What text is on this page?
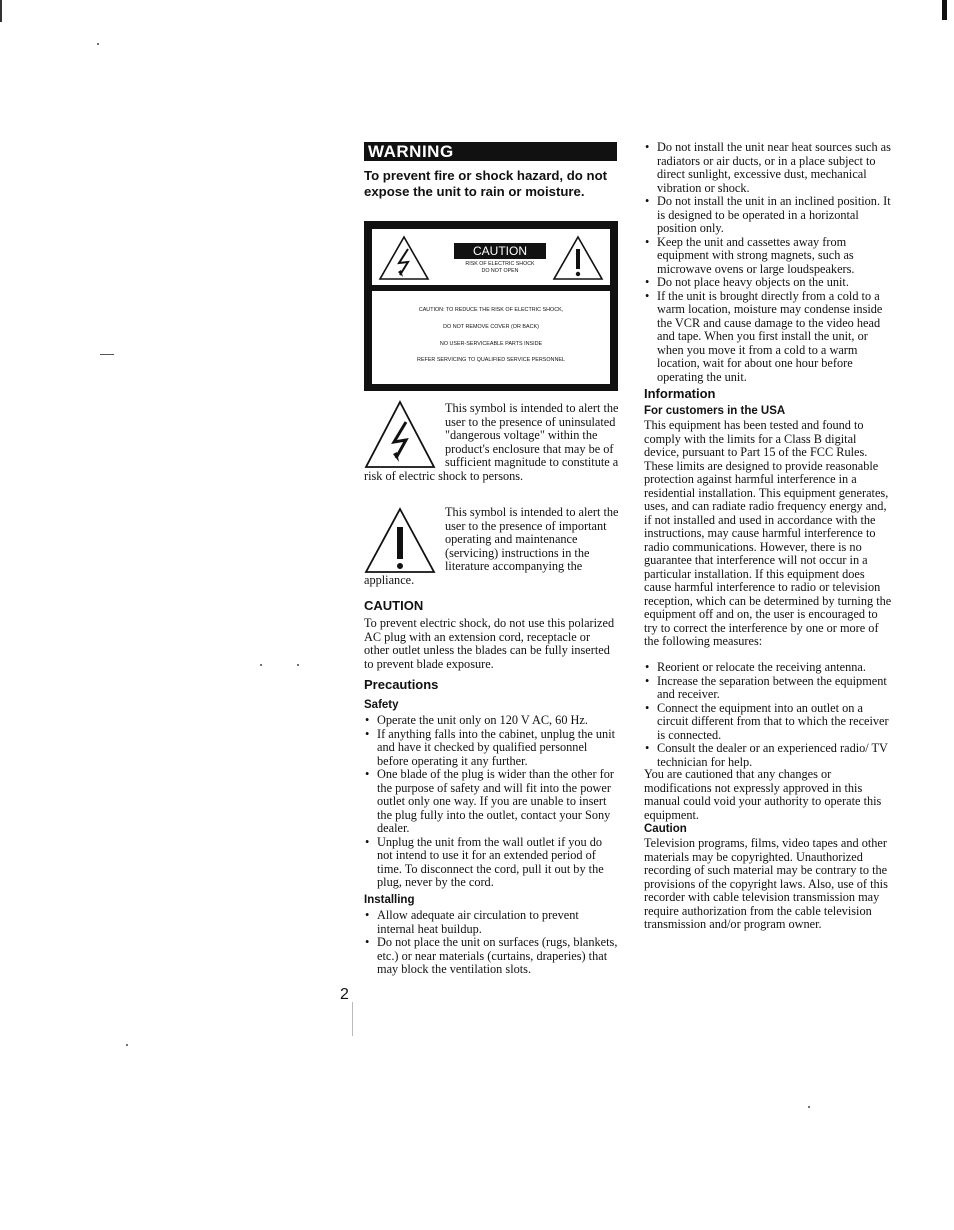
WARNING
To prevent fire or shock hazard, do not expose the unit to rain or moisture.
CAUTION
RISK OF ELECTRIC SHOCK
DO NOT OPEN
CAUTION: TO REDUCE THE RISK OF ELECTRIC SHOCK,
DO NOT REMOVE COVER (OR BACK)
NO USER-SERVICEABLE PARTS INSIDE
REFER SERVICING TO QUALIFIED SERVICE PERSONNEL
This symbol is intended to alert the user to the presence of uninsulated "dangerous voltage" within the product's enclosure that may be of sufficient magnitude to constitute a risk of electric shock to persons.
This symbol is intended to alert the user to the presence of important operating and maintenance (servicing) instructions in the literature accompanying the appliance.
CAUTION
To prevent electric shock, do not use this polarized AC plug with an extension cord, receptacle or other outlet unless the blades can be fully inserted to prevent blade exposure.
Precautions
Safety
• Operate the unit only on 120 V AC, 60 Hz.
• If anything falls into the cabinet, unplug the unit and have it checked by qualified personnel before operating it any further.
• One blade of the plug is wider than the other for the purpose of safety and will fit into the power outlet only one way. If you are unable to insert the plug fully into the outlet, contact your Sony dealer.
• Unplug the unit from the wall outlet if you do not intend to use it for an extended period of time. To disconnect the cord, pull it out by the plug, never by the cord.
Installing
• Allow adequate air circulation to prevent internal heat buildup.
• Do not place the unit on surfaces (rugs, blankets, etc.) or near materials (curtains, draperies) that may block the ventilation slots.
2
• Do not install the unit near heat sources such as radiators or air ducts, or in a place subject to direct sunlight, excessive dust, mechanical vibration or shock.
• Do not install the unit in an inclined position. It is designed to be operated in a horizontal position only.
• Keep the unit and cassettes away from equipment with strong magnets, such as microwave ovens or large loudspeakers.
• Do not place heavy objects on the unit.
• If the unit is brought directly from a cold to a warm location, moisture may condense inside the VCR and cause damage to the video head and tape. When you first install the unit, or when you move it from a cold to a warm location, wait for about one hour before operating the unit.
Information
For customers in the USA
This equipment has been tested and found to comply with the limits for a Class B digital device, pursuant to Part 15 of the FCC Rules. These limits are designed to provide reasonable protection against harmful interference in a residential installation. This equipment generates, uses, and can radiate radio frequency energy and, if not installed and used in accordance with the instructions, may cause harmful interference to radio communications. However, there is no guarantee that interference will not occur in a particular installation. If this equipment does cause harmful interference to radio or television reception, which can be determined by turning the equipment off and on, the user is encouraged to try to correct the interference by one or more of the following measures:
• Reorient or relocate the receiving antenna.
• Increase the separation between the equipment and receiver.
• Connect the equipment into an outlet on a circuit different from that to which the receiver is connected.
• Consult the dealer or an experienced radio/ TV technician for help.
You are cautioned that any changes or modifications not expressly approved in this manual could void your authority to operate this equipment.
Caution
Television programs, films, video tapes and other materials may be copyrighted. Unauthorized recording of such material may be contrary to the provisions of the copyright laws. Also, use of this recorder with cable television transmission may require authorization from the cable television transmission and/or program owner.
